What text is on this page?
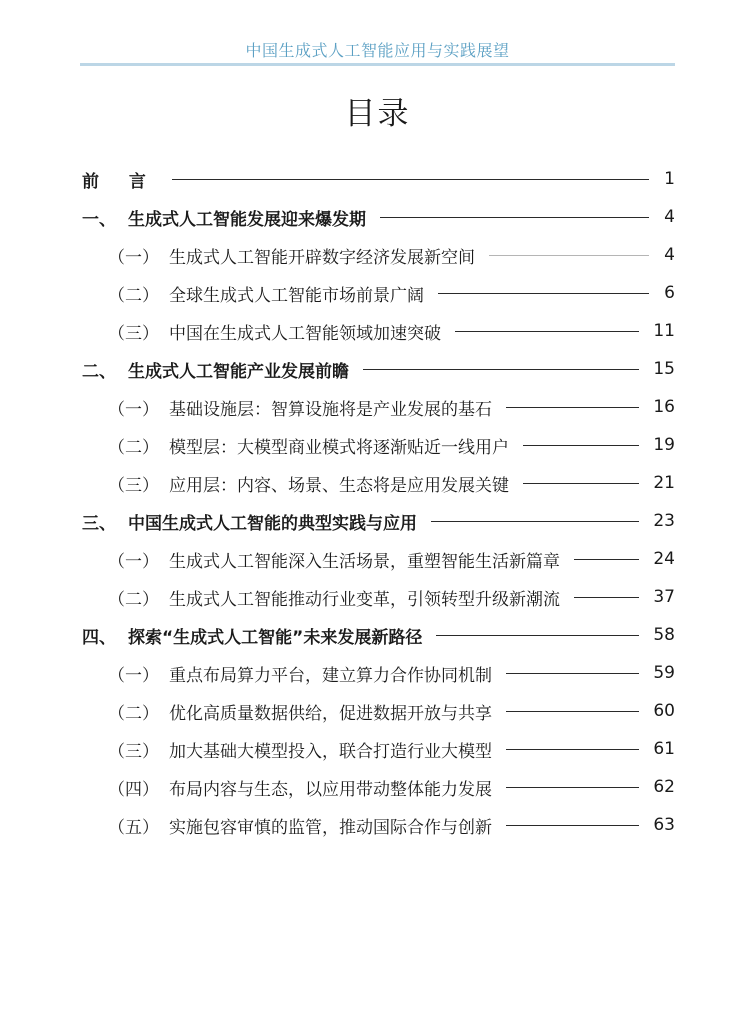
中国生成式人工智能应用与实践展望
目录
前 言	1
一、 生成式人工智能发展迎来爆发期	4
（一） 生成式人工智能开辟数字经济发展新空间	4
（二） 全球生成式人工智能市场前景广阔	6
（三） 中国在生成式人工智能领域加速突破	11
二、 生成式人工智能产业发展前瞻	15
（一） 基础设施层：智算设施将是产业发展的基石	16
（二） 模型层：大模型商业模式将逐渐贴近一线用户	19
（三） 应用层：内容、场景、生态将是应用发展关键	21
三、 中国生成式人工智能的典型实践与应用	23
（一） 生成式人工智能深入生活场景，重塑智能生活新篇章	24
（二） 生成式人工智能推动行业变革，引领转型升级新潮流	37
四、 探索“生成式人工智能”未来发展新路径	58
（一） 重点布局算力平台，建立算力合作协同机制	59
（二） 优化高质量数据供给，促进数据开放与共享	60
（三） 加大基础大模型投入，联合打造行业大模型	61
（四） 布局内容与生态，以应用带动整体能力发展	62
（五） 实施包容审慎的监管，推动国际合作与创新	63
